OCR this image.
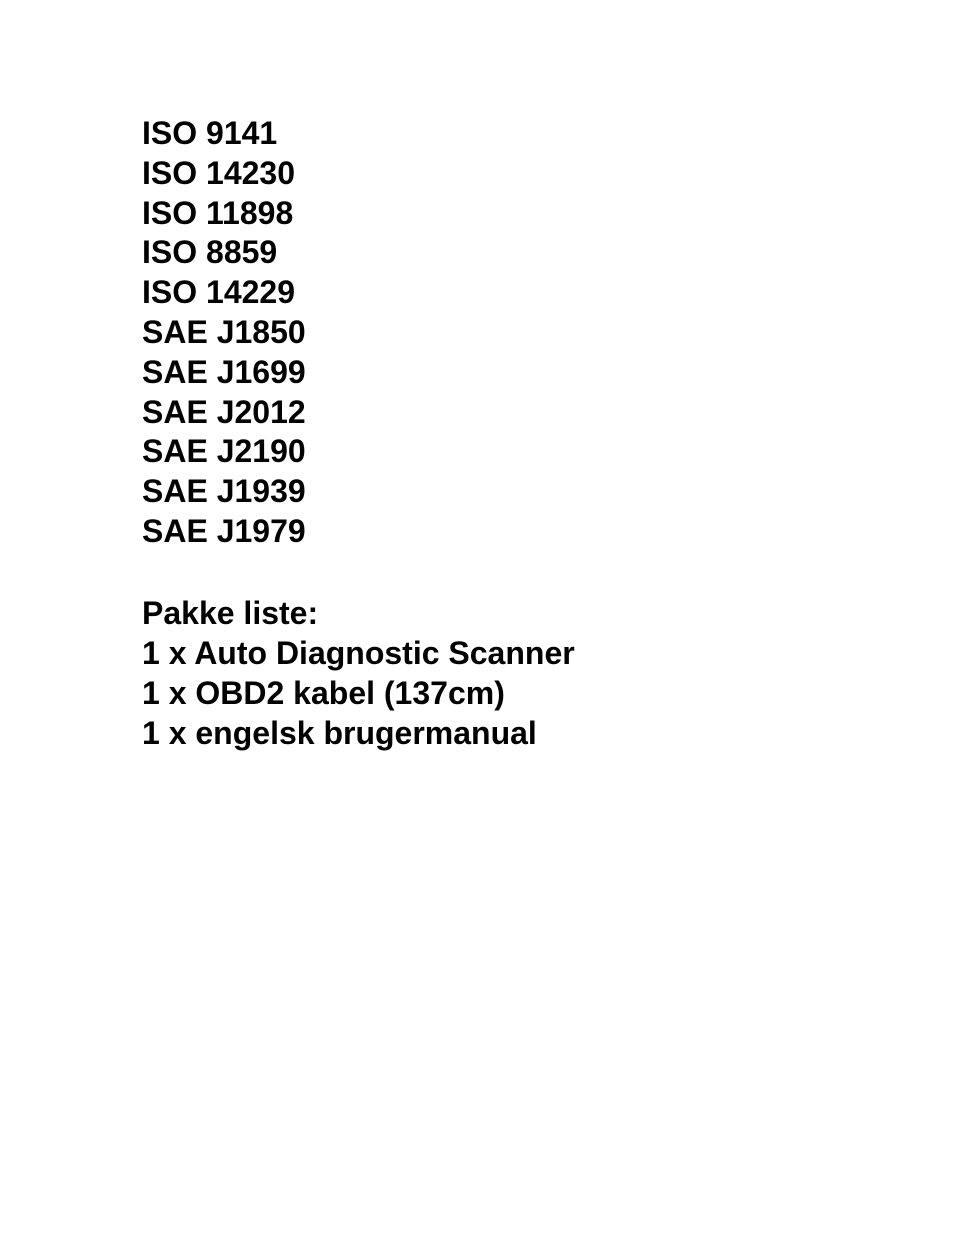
ISO 9141
ISO 14230
ISO 11898
ISO 8859
ISO 14229
SAE J1850
SAE J1699
SAE J2012
SAE J2190
SAE J1939
SAE J1979
Pakke liste:
1 x Auto Diagnostic Scanner
1 x OBD2 kabel (137cm)
1 x engelsk brugermanual
